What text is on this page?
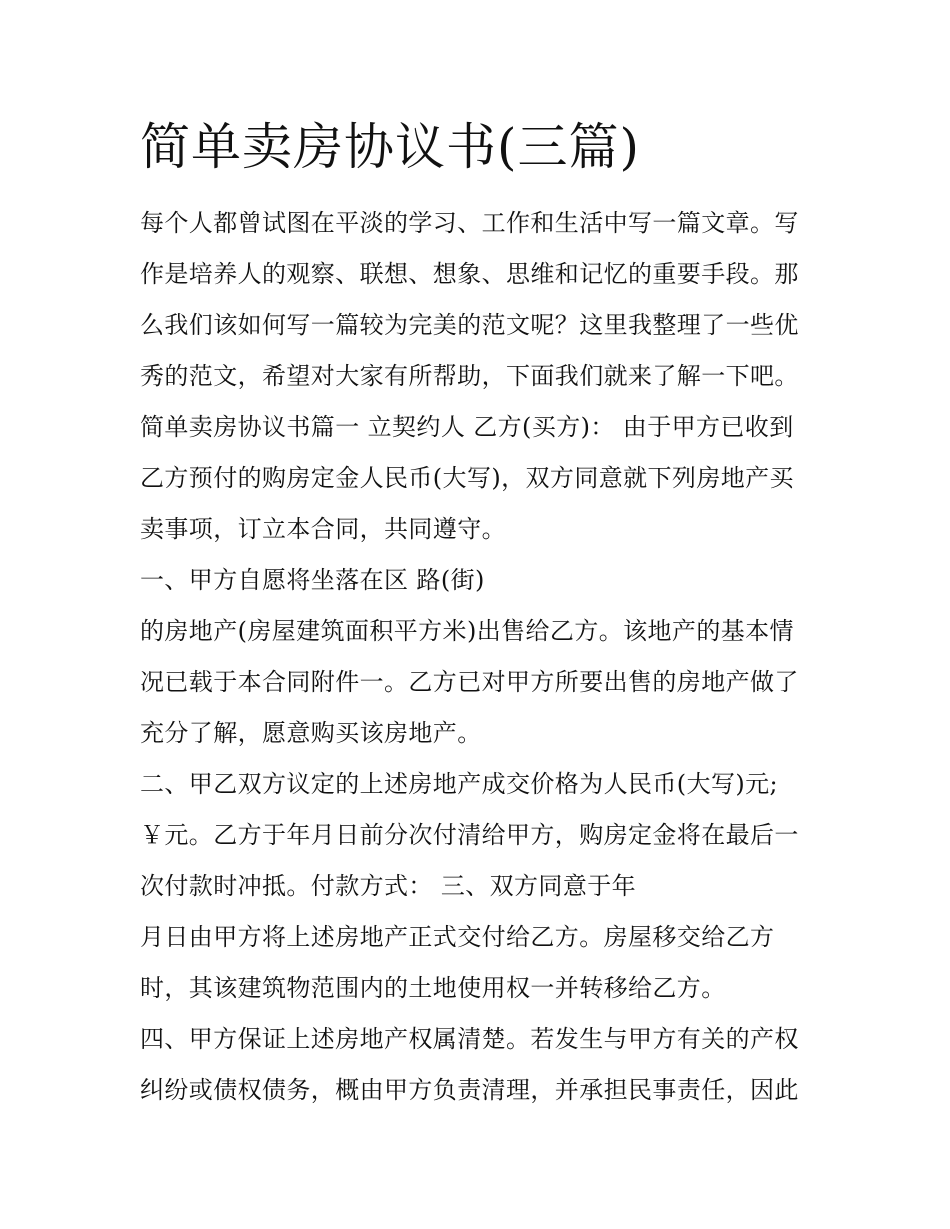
简单卖房协议书(三篇)
每个人都曾试图在平淡的学习、工作和生活中写一篇文章。写
作是培养人的观察、联想、想象、思维和记忆的重要手段。那
么我们该如何写一篇较为完美的范文呢？这里我整理了一些优
秀的范文，希望对大家有所帮助，下面我们就来了解一下吧。
简单卖房协议书篇一 立契约人 乙方(买方)： 由于甲方已收到
乙方预付的购房定金人民币(大写)，双方同意就下列房地产买
卖事项，订立本合同，共同遵守。
一、甲方自愿将坐落在区 路(街)
的房地产(房屋建筑面积平方米)出售给乙方。该地产的基本情
况已载于本合同附件一。乙方已对甲方所要出售的房地产做了
充分了解，愿意购买该房地产。
二、甲乙双方议定的上述房地产成交价格为人民币(大写)元;
￥元。乙方于年月日前分次付清给甲方，购房定金将在最后一
次付款时冲抵。付款方式： 三、双方同意于年
月日由甲方将上述房地产正式交付给乙方。房屋移交给乙方
时，其该建筑物范围内的土地使用权一并转移给乙方。
四、甲方保证上述房地产权属清楚。若发生与甲方有关的产权
纠纷或债权债务，概由甲方负责清理，并承担民事责任，因此
